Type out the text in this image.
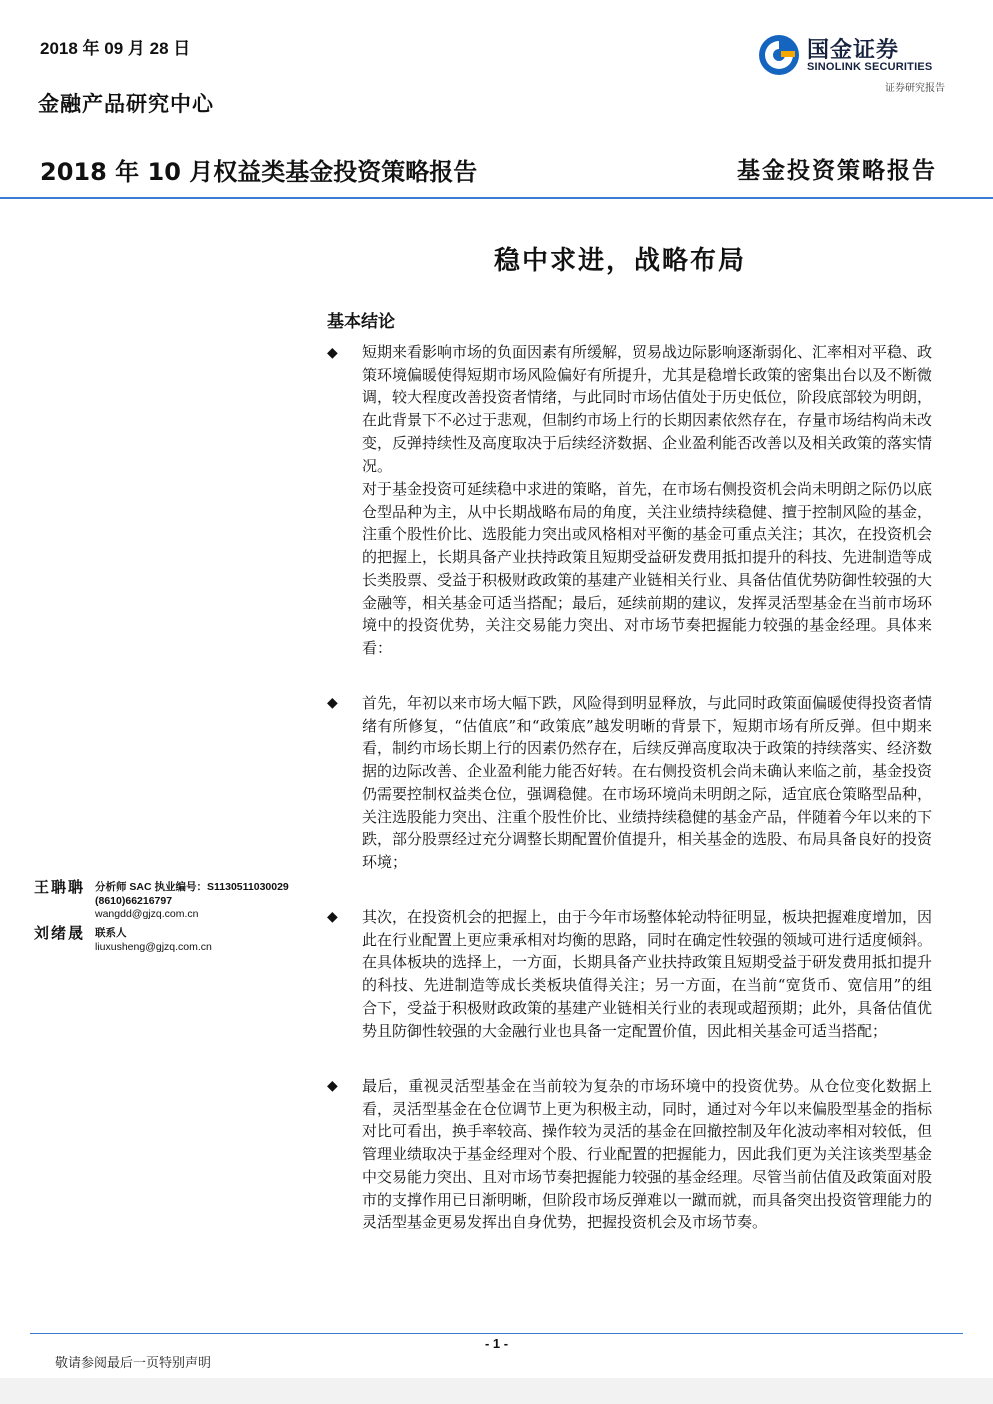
2018 年 09 月 28 日
金融产品研究中心
国金证券
SINOLINK SECURITIES
证券研究报告
2018 年 10 月权益类基金投资策略报告	基金投资策略报告
稳中求进，战略布局
基本结论
◆ 短期来看影响市场的负面因素有所缓解，贸易战边际影响逐渐弱化、汇率相对平稳、政策环境偏暖使得短期市场风险偏好有所提升，尤其是稳增长政策的密集出台以及不断微调，较大程度改善投资者情绪，与此同时市场估值处于历史低位，阶段底部较为明朗，在此背景下不必过于悲观，但制约市场上行的长期因素依然存在，存量市场结构尚未改变，反弹持续性及高度取决于后续经济数据、企业盈利能否改善以及相关政策的落实情况。
对于基金投资可延续稳中求进的策略，首先，在市场右侧投资机会尚未明朗之际仍以底仓型品种为主，从中长期战略布局的角度，关注业绩持续稳健、擅于控制风险的基金，注重个股性价比、选股能力突出或风格相对平衡的基金可重点关注；其次，在投资机会的把握上，长期具备产业扶持政策且短期受益研发费用抵扣提升的科技、先进制造等成长类股票、受益于积极财政政策的基建产业链相关行业、具备估值优势防御性较强的大金融等，相关基金可适当搭配；最后，延续前期的建议，发挥灵活型基金在当前市场环境中的投资优势，关注交易能力突出、对市场节奏把握能力较强的基金经理。具体来看：
◆ 首先，年初以来市场大幅下跌，风险得到明显释放，与此同时政策面偏暖使得投资者情绪有所修复，“估值底”和“政策底”越发明晰的背景下，短期市场有所反弹。但中期来看，制约市场长期上行的因素仍然存在，后续反弹高度取决于政策的持续落实、经济数据的边际改善、企业盈利能力能否好转。在右侧投资机会尚未确认来临之前，基金投资仍需要控制权益类仓位，强调稳健。在市场环境尚未明朗之际，适宜底仓策略型品种，关注选股能力突出、注重个股性价比、业绩持续稳健的基金产品，伴随着今年以来的下跌，部分股票经过充分调整长期配置价值提升，相关基金的选股、布局具备良好的投资环境；
◆ 其次，在投资机会的把握上，由于今年市场整体轮动特征明显，板块把握难度增加，因此在行业配置上更应秉承相对均衡的思路，同时在确定性较强的领域可进行适度倾斜。在具体板块的选择上，一方面，长期具备产业扶持政策且短期受益于研发费用抵扣提升的科技、先进制造等成长类板块值得关注；另一方面，在当前“宽货币、宽信用”的组合下，受益于积极财政政策的基建产业链相关行业的表现或超预期；此外，具备估值优势且防御性较强的大金融行业也具备一定配置价值，因此相关基金可适当搭配；
◆ 最后，重视灵活型基金在当前较为复杂的市场环境中的投资优势。从仓位变化数据上看，灵活型基金在仓位调节上更为积极主动，同时，通过对今年以来偏股型基金的指标对比可看出，换手率较高、操作较为灵活的基金在回撤控制及年化波动率相对较低，但管理业绩取决于基金经理对个股、行业配置的把握能力，因此我们更为关注该类型基金中交易能力突出、且对市场节奏把握能力较强的基金经理。尽管当前估值及政策面对股市的支撑作用已日渐明晰，但阶段市场反弹难以一蹴而就，而具备突出投资管理能力的灵活型基金更易发挥出自身优势，把握投资机会及市场节奏。
王聃聃 分析师 SAC 执业编号：S1130511030029
(8610)66216797
wangdd@gjzq.com.cn
刘绪晟 联系人
liuxusheng@gjzq.com.cn
- 1 -
敬请参阅最后一页特别声明
